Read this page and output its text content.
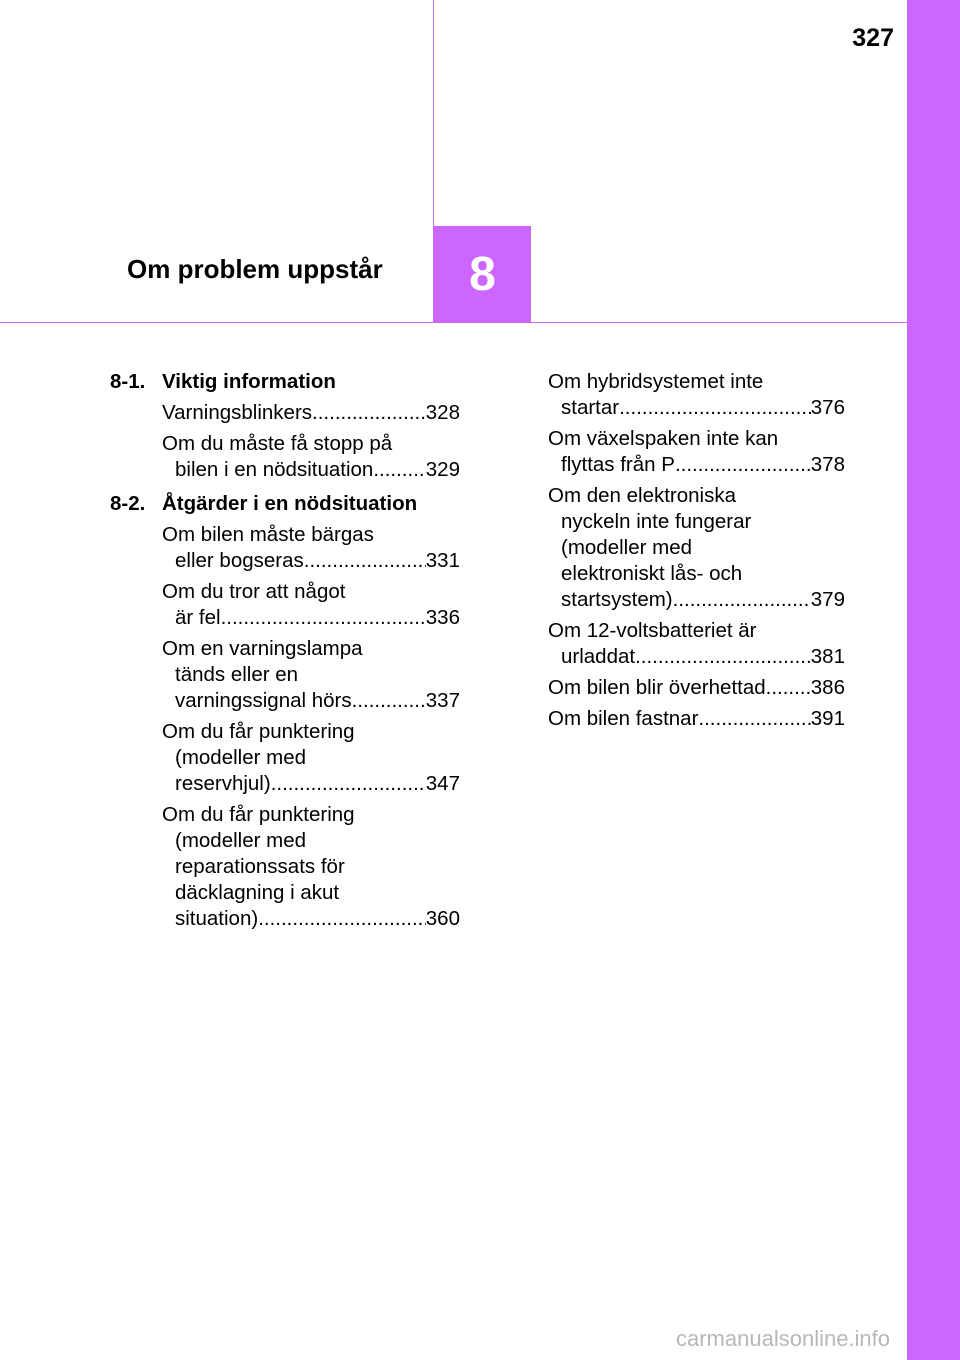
327
Om problem uppstår 8
8-1. Viktig information
Varningsblinkers .....	328
Om du måste få stopp på
bilen i en nödsituation .....	329
8-2. Åtgärder i en nödsituation
Om bilen måste bärgas
eller bogseras .....	331
Om du tror att något
är fel .....	336
Om en varningslampa
tänds eller en
varningssignal hörs .....	337
Om du får punktering
(modeller med
reservhjul) .....	347
Om du får punktering
(modeller med
reparationssats för
däcklagning i akut
situation) .....	360
Om hybridsystemet inte
startar .....	376
Om växelspaken inte kan
flyttas från P .....	378
Om den elektroniska
nyckeln inte fungerar
(modeller med
elektroniskt lås- och
startsystem) .....	379
Om 12-voltsbatteriet är
urladdat .....	381
Om bilen blir överhettad ..... 386
Om bilen fastnar .....	391
carmanualsonline.info
